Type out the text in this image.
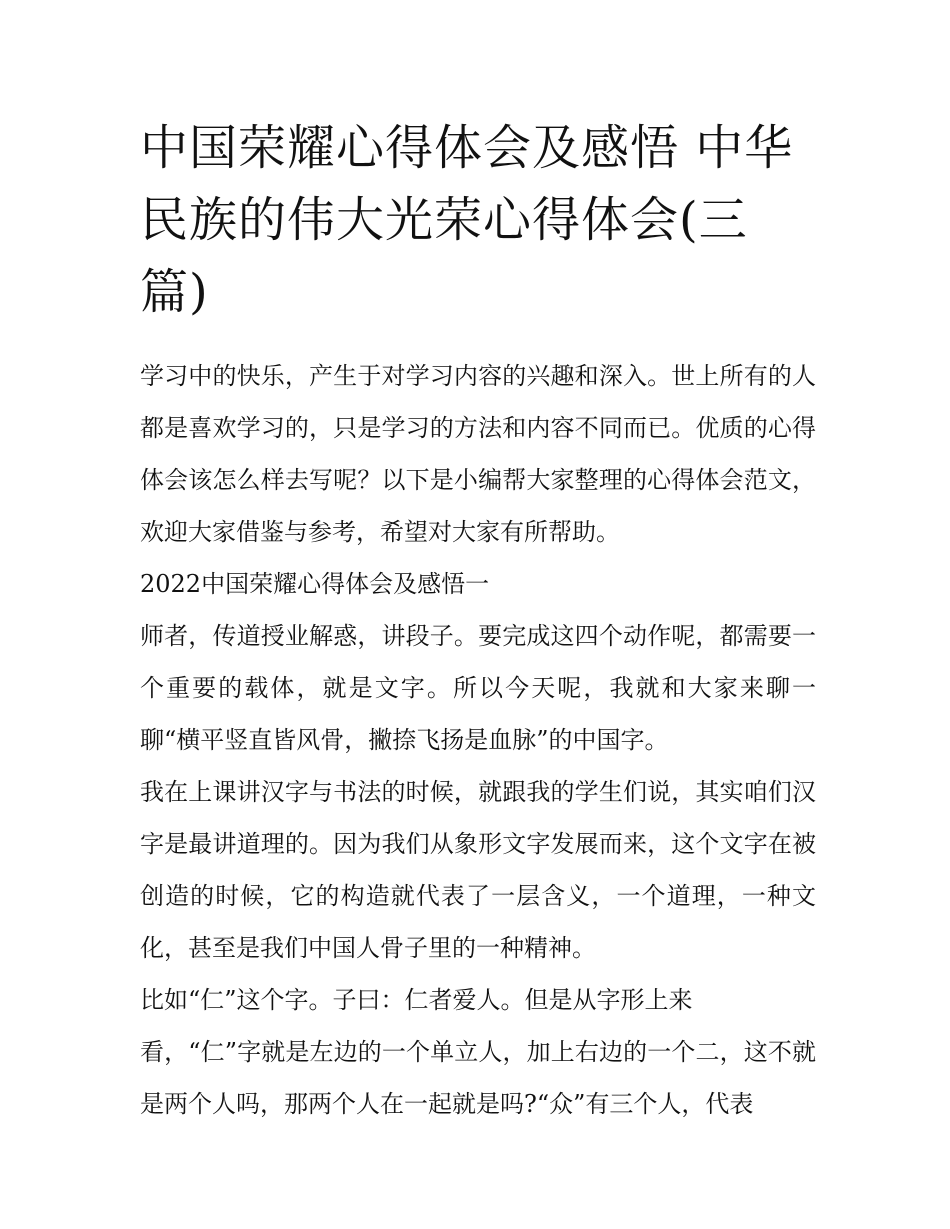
中国荣耀心得体会及感悟 中华民族的伟大光荣心得体会(三篇)

学习中的快乐，产生于对学习内容的兴趣和深入。世上所有的人都是喜欢学习的，只是学习的方法和内容不同而已。优质的心得体会该怎么样去写呢？以下是小编帮大家整理的心得体会范文，欢迎大家借鉴与参考，希望对大家有所帮助。

2022中国荣耀心得体会及感悟一

师者，传道授业解惑，讲段子。要完成这四个动作呢，都需要一个重要的载体，就是文字。所以今天呢，我就和大家来聊一聊“横平竖直皆风骨，撇捺飞扬是血脉”的中国字。

我在上课讲汉字与书法的时候，就跟我的学生们说，其实咱们汉字是最讲道理的。因为我们从象形文字发展而来，这个文字在被创造的时候，它的构造就代表了一层含义，一个道理，一种文化，甚至是我们中国人骨子里的一种精神。

比如“仁”这个字。子曰：仁者爱人。但是从字形上来

看，“仁”字就是左边的一个单立人，加上右边的一个二，这不就是两个人吗，那两个人在一起就是吗?“众”有三个人，代表
